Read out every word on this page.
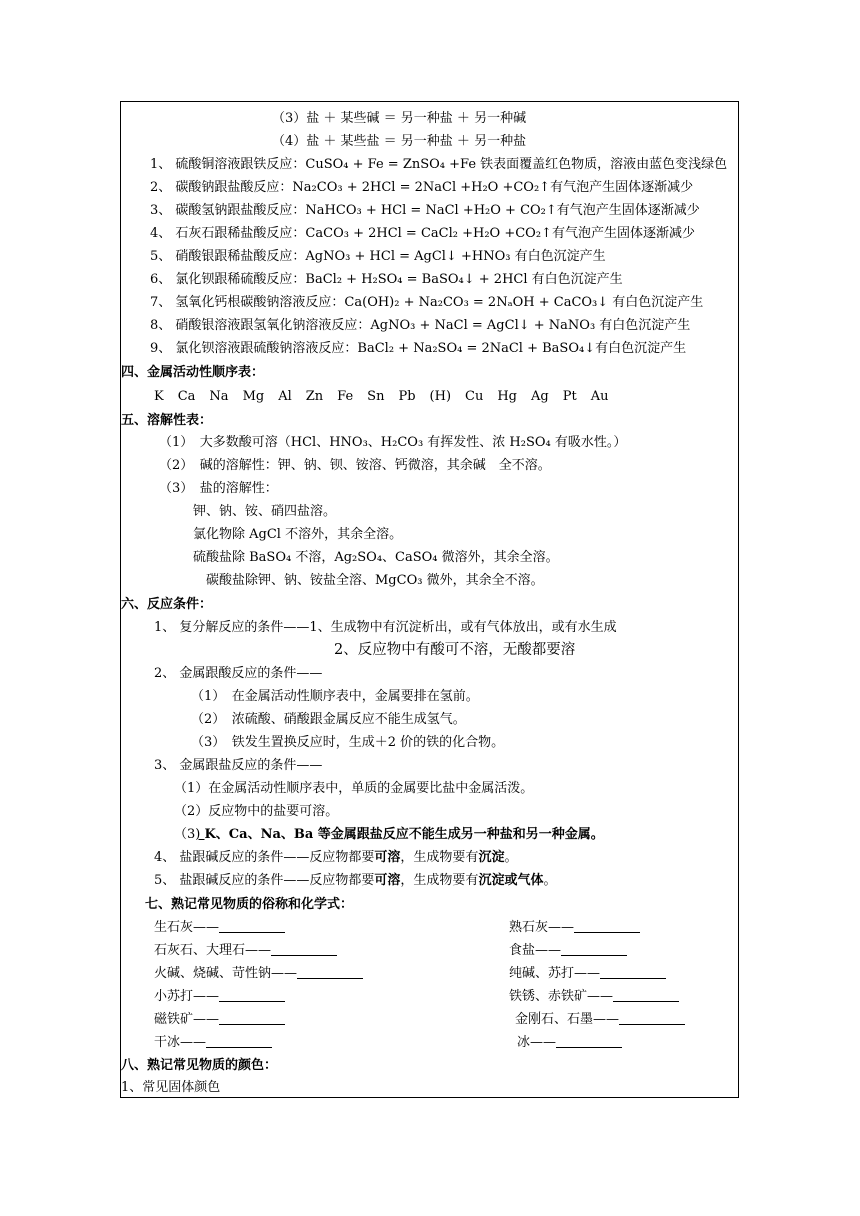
（3）盐 ＋ 某些碱 ＝ 另一种盐 ＋ 另一种碱
（4）盐 ＋ 某些盐 ＝ 另一种盐 ＋ 另一种盐
1、 硫酸铜溶液跟铁反应：CuSO₄ + Fe = ZnSO₄ +Fe 铁表面覆盖红色物质，溶液由蓝色变浅绿色
2、 碳酸钠跟盐酸反应：Na₂CO₃ + 2HCl = 2NaCl +H₂O +CO₂↑有气泡产生固体逐渐减少
3、 碳酸氢钠跟盐酸反应：NaHCO₃ + HCl = NaCl +H₂O + CO₂↑有气泡产生固体逐渐减少
4、 石灰石跟稀盐酸反应：CaCO₃ + 2HCl = CaCl₂ +H₂O +CO₂↑有气泡产生固体逐渐减少
5、 硝酸银跟稀盐酸反应：AgNO₃ + HCl = AgCl↓ +HNO₃ 有白色沉淀产生
6、 氯化钡跟稀硫酸反应：BaCl₂ + H₂SO₄ = BaSO₄↓ + 2HCl 有白色沉淀产生
7、 氢氧化钙根碳酸钠溶液反应：Ca(OH)₂ + Na₂CO₃ = 2NₐOH + CaCO₃↓ 有白色沉淀产生
8、 硝酸银溶液跟氢氧化钠溶液反应：AgNO₃ + NaCl = AgCl↓ + NaNO₃ 有白色沉淀产生
9、 氯化钡溶液跟硫酸钠溶液反应：BaCl₂ + Na₂SO₄ = 2NaCl + BaSO₄↓有白色沉淀产生
四、金属活动性顺序表：
K Ca Na Mg Al Zn Fe Sn Pb (H) Cu Hg Ag Pt Au
五、溶解性表：
（1）　大多数酸可溶（HCl、HNO₃、H₂CO₃ 有挥发性、浓 H₂SO₄ 有吸水性。）
（2）　碱的溶解性：钾、钠、钡、铵溶、钙微溶，其余碱　全不溶。
（3）　盐的溶解性：
钾、钠、铵、硝四盐溶。
氯化物除 AgCl 不溶外，其余全溶。
硫酸盐除 BaSO₄ 不溶，Ag₂SO₄、CaSO₄ 微溶外，其余全溶。
碳酸盐除钾、钠、铵盐全溶、MgCO₃ 微外，其余全不溶。
六、反应条件：
1、 复分解反应的条件——1、生成物中有沉淀析出，或有气体放出，或有水生成
2、反应物中有酸可不溶，无酸都要溶
2、 金属跟酸反应的条件——
（1）　在金属活动性顺序表中，金属要排在氢前。
（2）　浓硫酸、硝酸跟金属反应不能生成氢气。
（3）　铁发生置换反应时，生成＋2 价的铁的化合物。
3、 金属跟盐反应的条件——
（1）在金属活动性顺序表中，单质的金属要比盐中金属活泼。
（2）反应物中的盐要可溶。
（3) K、Ca、Na、Ba 等金属跟盐反应不能生成另一种盐和另一种金属。
4、 盐跟碱反应的条件——反应物都要可溶，生成物要有沉淀。
5、 盐跟碱反应的条件——反应物都要可溶，生成物要有沉淀或气体。
七、熟记常见物质的俗称和化学式：
生石灰——	熟石灰——
石灰石、大理石——	食盐——
火碱、烧碱、苛性钠——	纯碱、苏打——
小苏打——	铁锈、赤铁矿——
磁铁矿——	金刚石、石墨——
干冰——	冰——
八、熟记常见物质的颜色：
1、常见固体颜色
